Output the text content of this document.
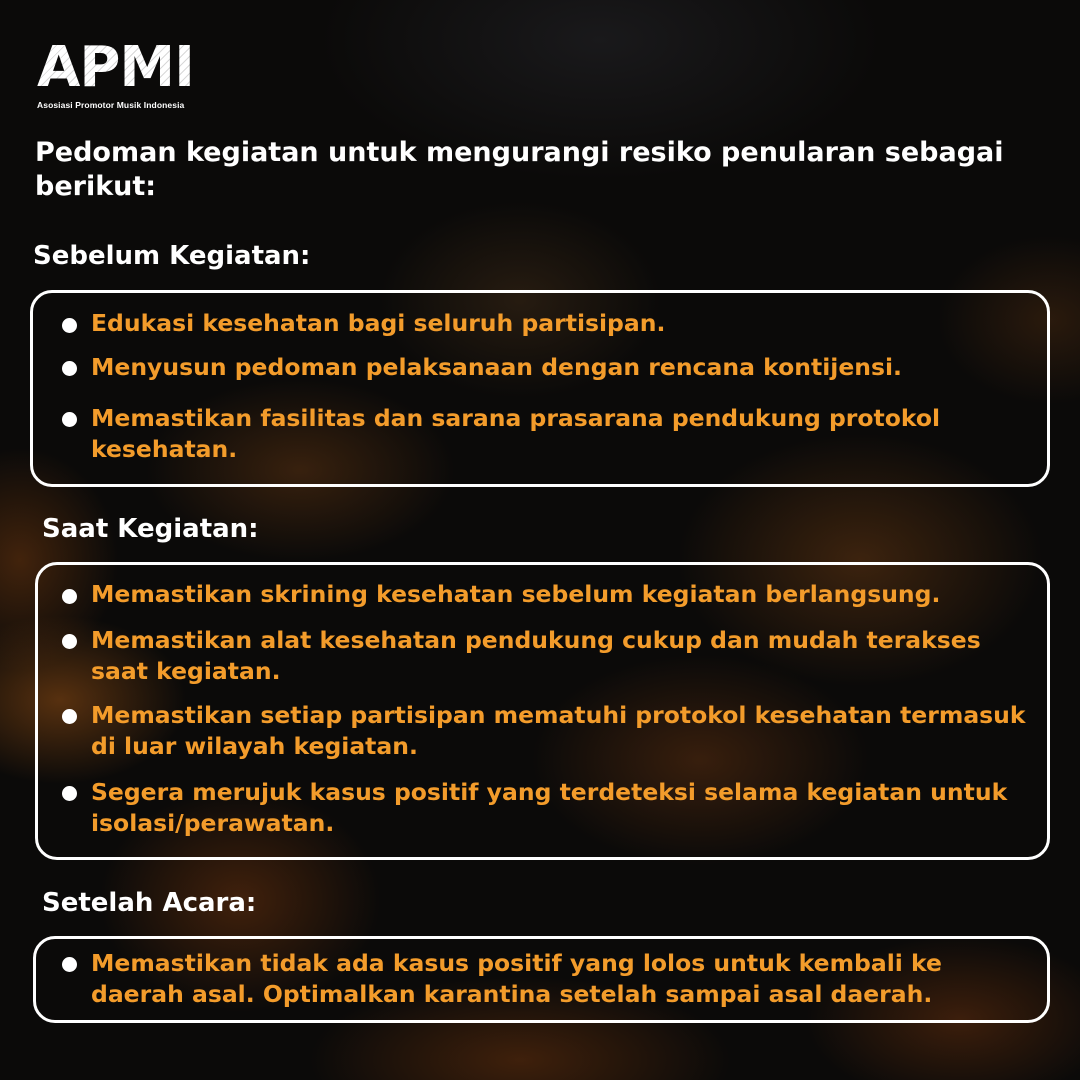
APMI
Asosiasi Promotor Musik Indonesia

Pedoman kegiatan untuk mengurangi resiko penularan sebagai berikut:

Sebelum Kegiatan:
Edukasi kesehatan bagi seluruh partisipan.
Menyusun pedoman pelaksanaan dengan rencana kontijensi.
Memastikan fasilitas dan sarana prasarana pendukung protokol kesehatan.
Saat Kegiatan:
Memastikan skrining kesehatan sebelum kegiatan berlangsung.
Memastikan alat kesehatan pendukung cukup dan mudah terakses saat kegiatan.
Memastikan setiap partisipan mematuhi protokol kesehatan termasuk di luar wilayah kegiatan.
Segera merujuk kasus positif yang terdeteksi selama kegiatan untuk isolasi/perawatan.
Setelah Acara:
Memastikan tidak ada kasus positif yang lolos untuk kembali ke daerah asal. Optimalkan karantina setelah sampai asal daerah.
